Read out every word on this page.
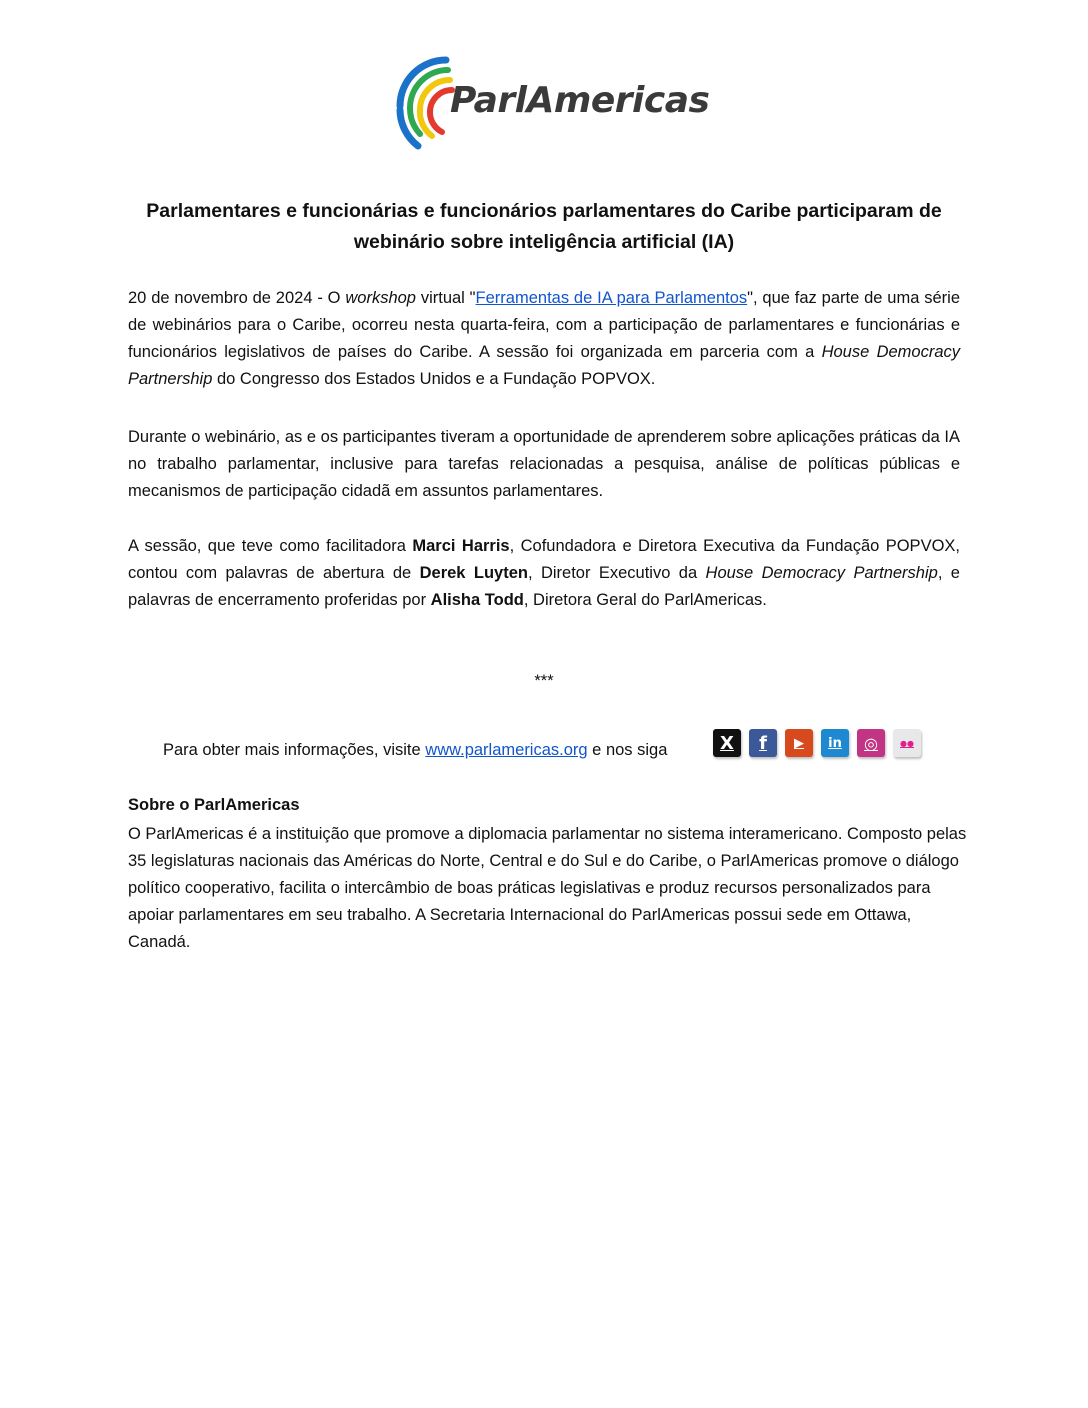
ParlAmericas
Parlamentares e funcionárias e funcionários parlamentares do Caribe participaram de webinário sobre inteligência artificial (IA)

20 de novembro de 2024 - O workshop virtual "Ferramentas de IA para Parlamentos", que faz parte de uma série de webinários para o Caribe, ocorreu nesta quarta-feira, com a participação de parlamentares e funcionárias e funcionários legislativos de países do Caribe. A sessão foi organizada em parceria com a House Democracy Partnership do Congresso dos Estados Unidos e a Fundação POPVOX.

Durante o webinário, as e os participantes tiveram a oportunidade de aprenderem sobre aplicações práticas da IA no trabalho parlamentar, inclusive para tarefas relacionadas a pesquisa, análise de políticas públicas e mecanismos de participação cidadã em assuntos parlamentares.

A sessão, que teve como facilitadora Marci Harris, Cofundadora e Diretora Executiva da Fundação POPVOX, contou com palavras de abertura de Derek Luyten, Diretor Executivo da House Democracy Partnership, e palavras de encerramento proferidas por Alisha Todd, Diretora Geral do ParlAmericas.

***
Para obter mais informações, visite www.parlamericas.org e nos siga	X	f	▶	in	◎	●●
Sobre o ParlAmericas

O ParlAmericas é a instituição que promove a diplomacia parlamentar no sistema interamericano. Composto pelas 35 legislaturas nacionais das Américas do Norte, Central e do Sul e do Caribe, o ParlAmericas promove o diálogo político cooperativo, facilita o intercâmbio de boas práticas legislativas e produz recursos personalizados para apoiar parlamentares em seu trabalho. A Secretaria Internacional do ParlAmericas possui sede em Ottawa, Canadá.
